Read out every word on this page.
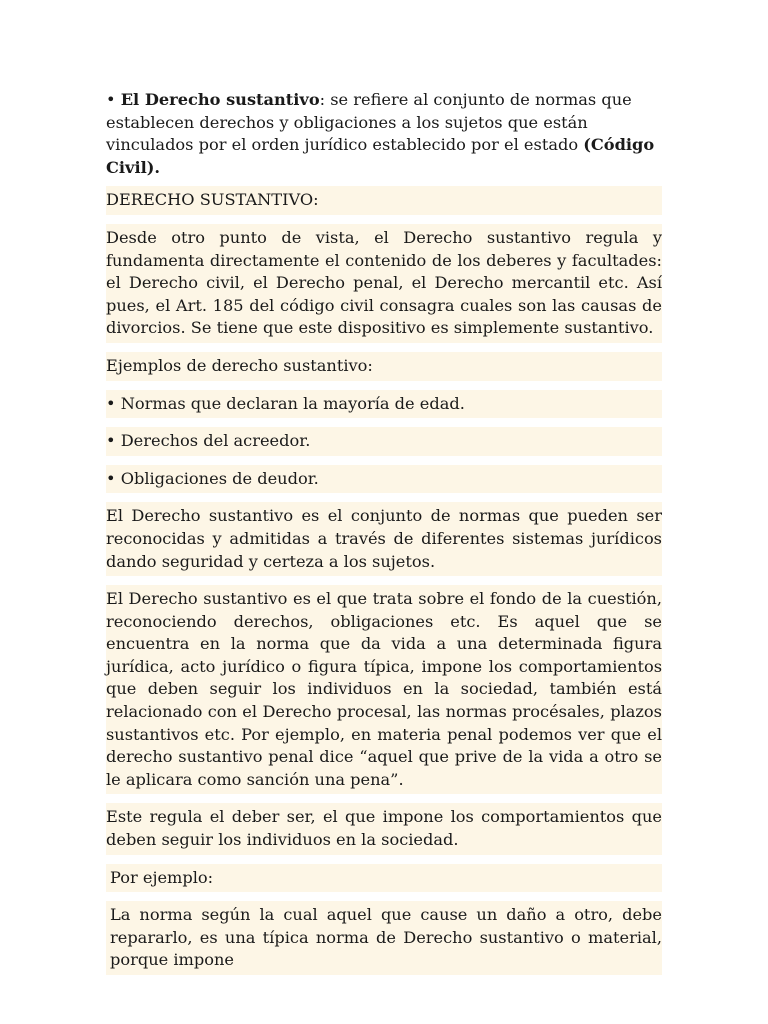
• El Derecho sustantivo: se refiere al conjunto de normas que establecen derechos y obligaciones a los sujetos que están vinculados por el orden jurídico establecido por el estado (Código Civil).

DERECHO SUSTANTIVO:
Desde otro punto de vista, el Derecho sustantivo regula y fundamenta directamente el contenido de los deberes y facultades: el Derecho civil, el Derecho penal, el Derecho mercantil etc. Así pues, el Art. 185 del código civil consagra cuales son las causas de divorcios. Se tiene que este dispositivo es simplemente sustantivo.
Ejemplos de derecho sustantivo:
• Normas que declaran la mayoría de edad.
• Derechos del acreedor.
• Obligaciones de deudor.
El Derecho sustantivo es el conjunto de normas que pueden ser reconocidas y admitidas a través de diferentes sistemas jurídicos dando seguridad y certeza a los sujetos.
El Derecho sustantivo es el que trata sobre el fondo de la cuestión, reconociendo derechos, obligaciones etc. Es aquel que se encuentra en la norma que da vida a una determinada figura jurídica, acto jurídico o figura típica, impone los comportamientos que deben seguir los individuos en la sociedad, también está relacionado con el Derecho procesal, las normas procésales, plazos sustantivos etc. Por ejemplo, en materia penal podemos ver que el derecho sustantivo penal dice “aquel que prive de la vida a otro se le aplicara como sanción una pena”.
Este regula el deber ser, el que impone los comportamientos que deben seguir los individuos en la sociedad.
Por ejemplo:
La norma según la cual aquel que cause un daño a otro, debe repararlo, es una típica norma de Derecho sustantivo o material, porque impone
